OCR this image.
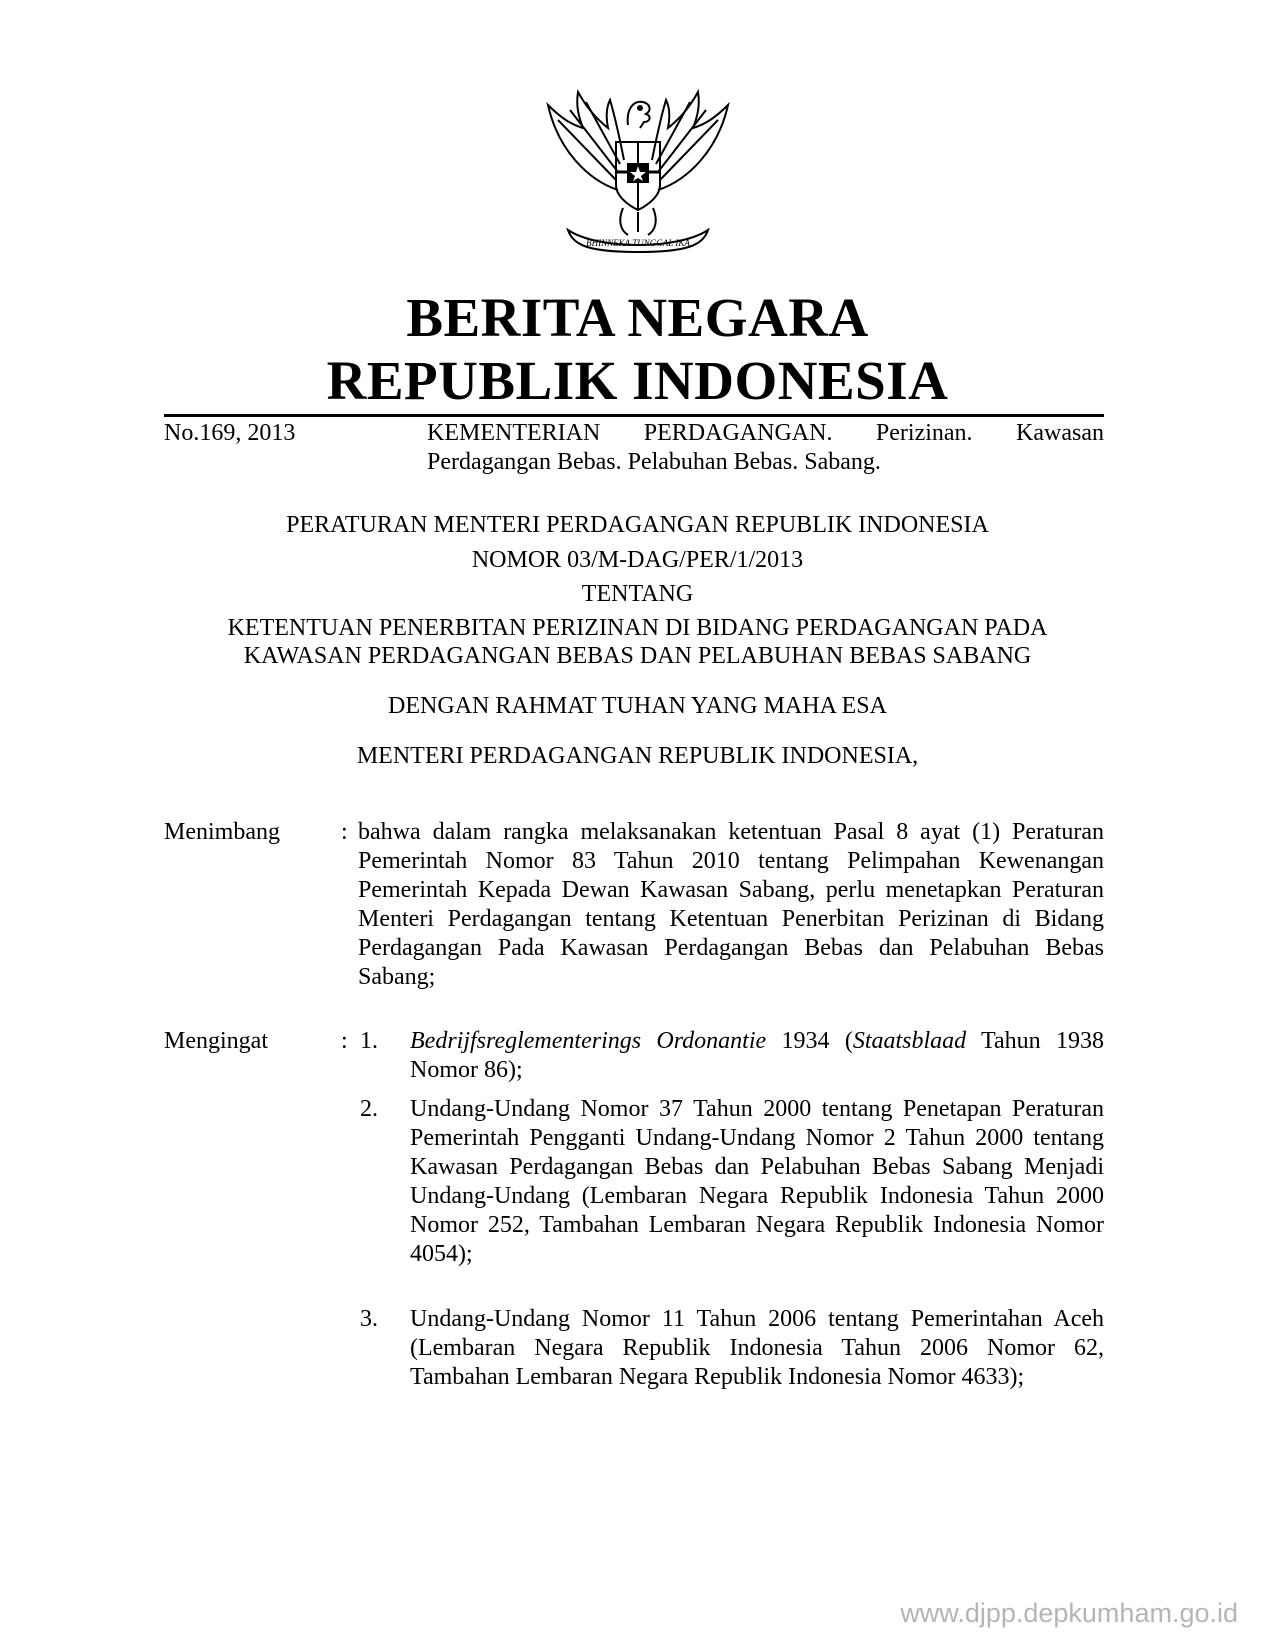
BHINNEKA TUNGGAL IKA
BERITA NEGARA
REPUBLIK INDONESIA
No.169, 2013	KEMENTERIAN PERDAGANGAN. Perizinan. Kawasan Perdagangan Bebas. Pelabuhan Bebas. Sabang.
PERATURAN MENTERI PERDAGANGAN REPUBLIK INDONESIA
NOMOR 03/M-DAG/PER/1/2013
TENTANG
KETENTUAN PENERBITAN PERIZINAN DI BIDANG PERDAGANGAN PADA
KAWASAN PERDAGANGAN BEBAS DAN PELABUHAN BEBAS SABANG
DENGAN RAHMAT TUHAN YANG MAHA ESA
MENTERI PERDAGANGAN REPUBLIK INDONESIA,
Menimbang	: bahwa dalam rangka melaksanakan ketentuan Pasal 8 ayat (1) Peraturan Pemerintah Nomor 83 Tahun 2010 tentang Pelimpahan Kewenangan Pemerintah Kepada Dewan Kawasan Sabang, perlu menetapkan Peraturan Menteri Perdagangan tentang Ketentuan Penerbitan Perizinan di Bidang Perdagangan Pada Kawasan Perdagangan Bebas dan Pelabuhan Bebas Sabang;
Mengingat	: 1. Bedrijfsreglementerings Ordonantie 1934 (Staatsblaad Tahun 1938 Nomor 86);
2. Undang-Undang Nomor 37 Tahun 2000 tentang Penetapan Peraturan Pemerintah Pengganti Undang-Undang Nomor 2 Tahun 2000 tentang Kawasan Perdagangan Bebas dan Pelabuhan Bebas Sabang Menjadi Undang-Undang (Lembaran Negara Republik Indonesia Tahun 2000 Nomor 252, Tambahan Lembaran Negara Republik Indonesia Nomor 4054);
3. Undang-Undang Nomor 11 Tahun 2006 tentang Pemerintahan Aceh (Lembaran Negara Republik Indonesia Tahun 2006 Nomor 62, Tambahan Lembaran Negara Republik Indonesia Nomor 4633);
www.djpp.depkumham.go.id
